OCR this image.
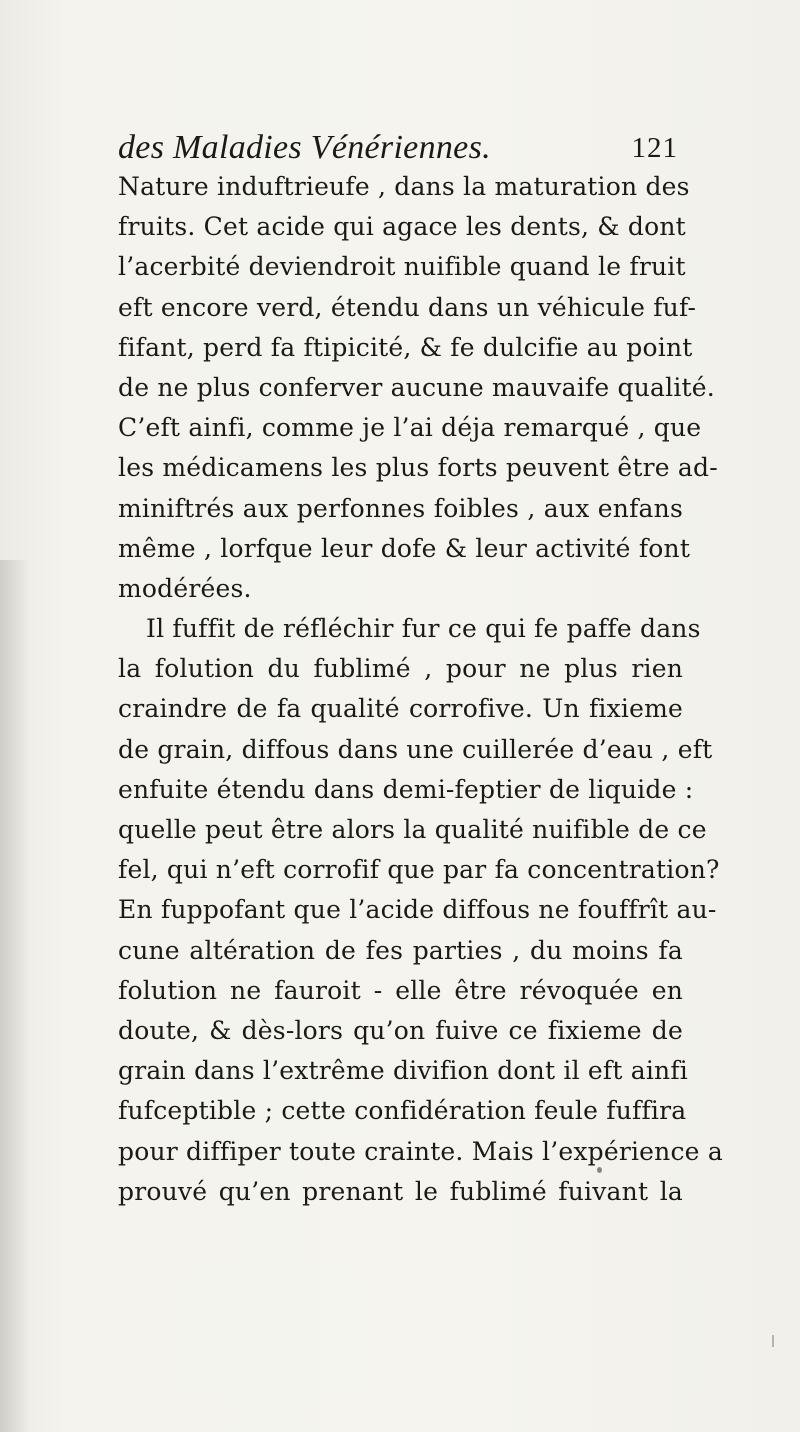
des Maladies Vénériennes.	121
Nature induftrieufe , dans la maturation des
fruits. Cet acide qui agace les dents, & dont
l’acerbité deviendroit nuifible quand le fruit
eft encore verd, étendu dans un véhicule fuf-
fifant, perd fa ftipicité, & fe dulcifie au point
de ne plus conferver aucune mauvaife qualité.
C’eft ainfi, comme je l’ai déja remarqué , que
les médicamens les plus forts peuvent être ad-
miniftrés aux perfonnes foibles , aux enfans
même , lorfque leur dofe & leur activité font
modérées.
Il fuffit de réfléchir fur ce qui fe paffe dans
la folution du fublimé , pour ne plus rien
craindre de fa qualité corrofive. Un fixieme
de grain, diffous dans une cuillerée d’eau , eft
enfuite étendu dans demi-feptier de liquide :
quelle peut être alors la qualité nuifible de ce
fel, qui n’eft corrofif que par fa concentration?
En fuppofant que l’acide diffous ne fouffrît au-
cune altération de fes parties , du moins fa
folution ne fauroit - elle être révoquée en
doute, & dès-lors qu’on fuive ce fixieme de
grain dans l’extrême divifion dont il eft ainfi
fufceptible ; cette confidération feule fuffira
pour diffiper toute crainte. Mais l’expérience a
prouvé qu’en prenant le fublimé fuivant la
